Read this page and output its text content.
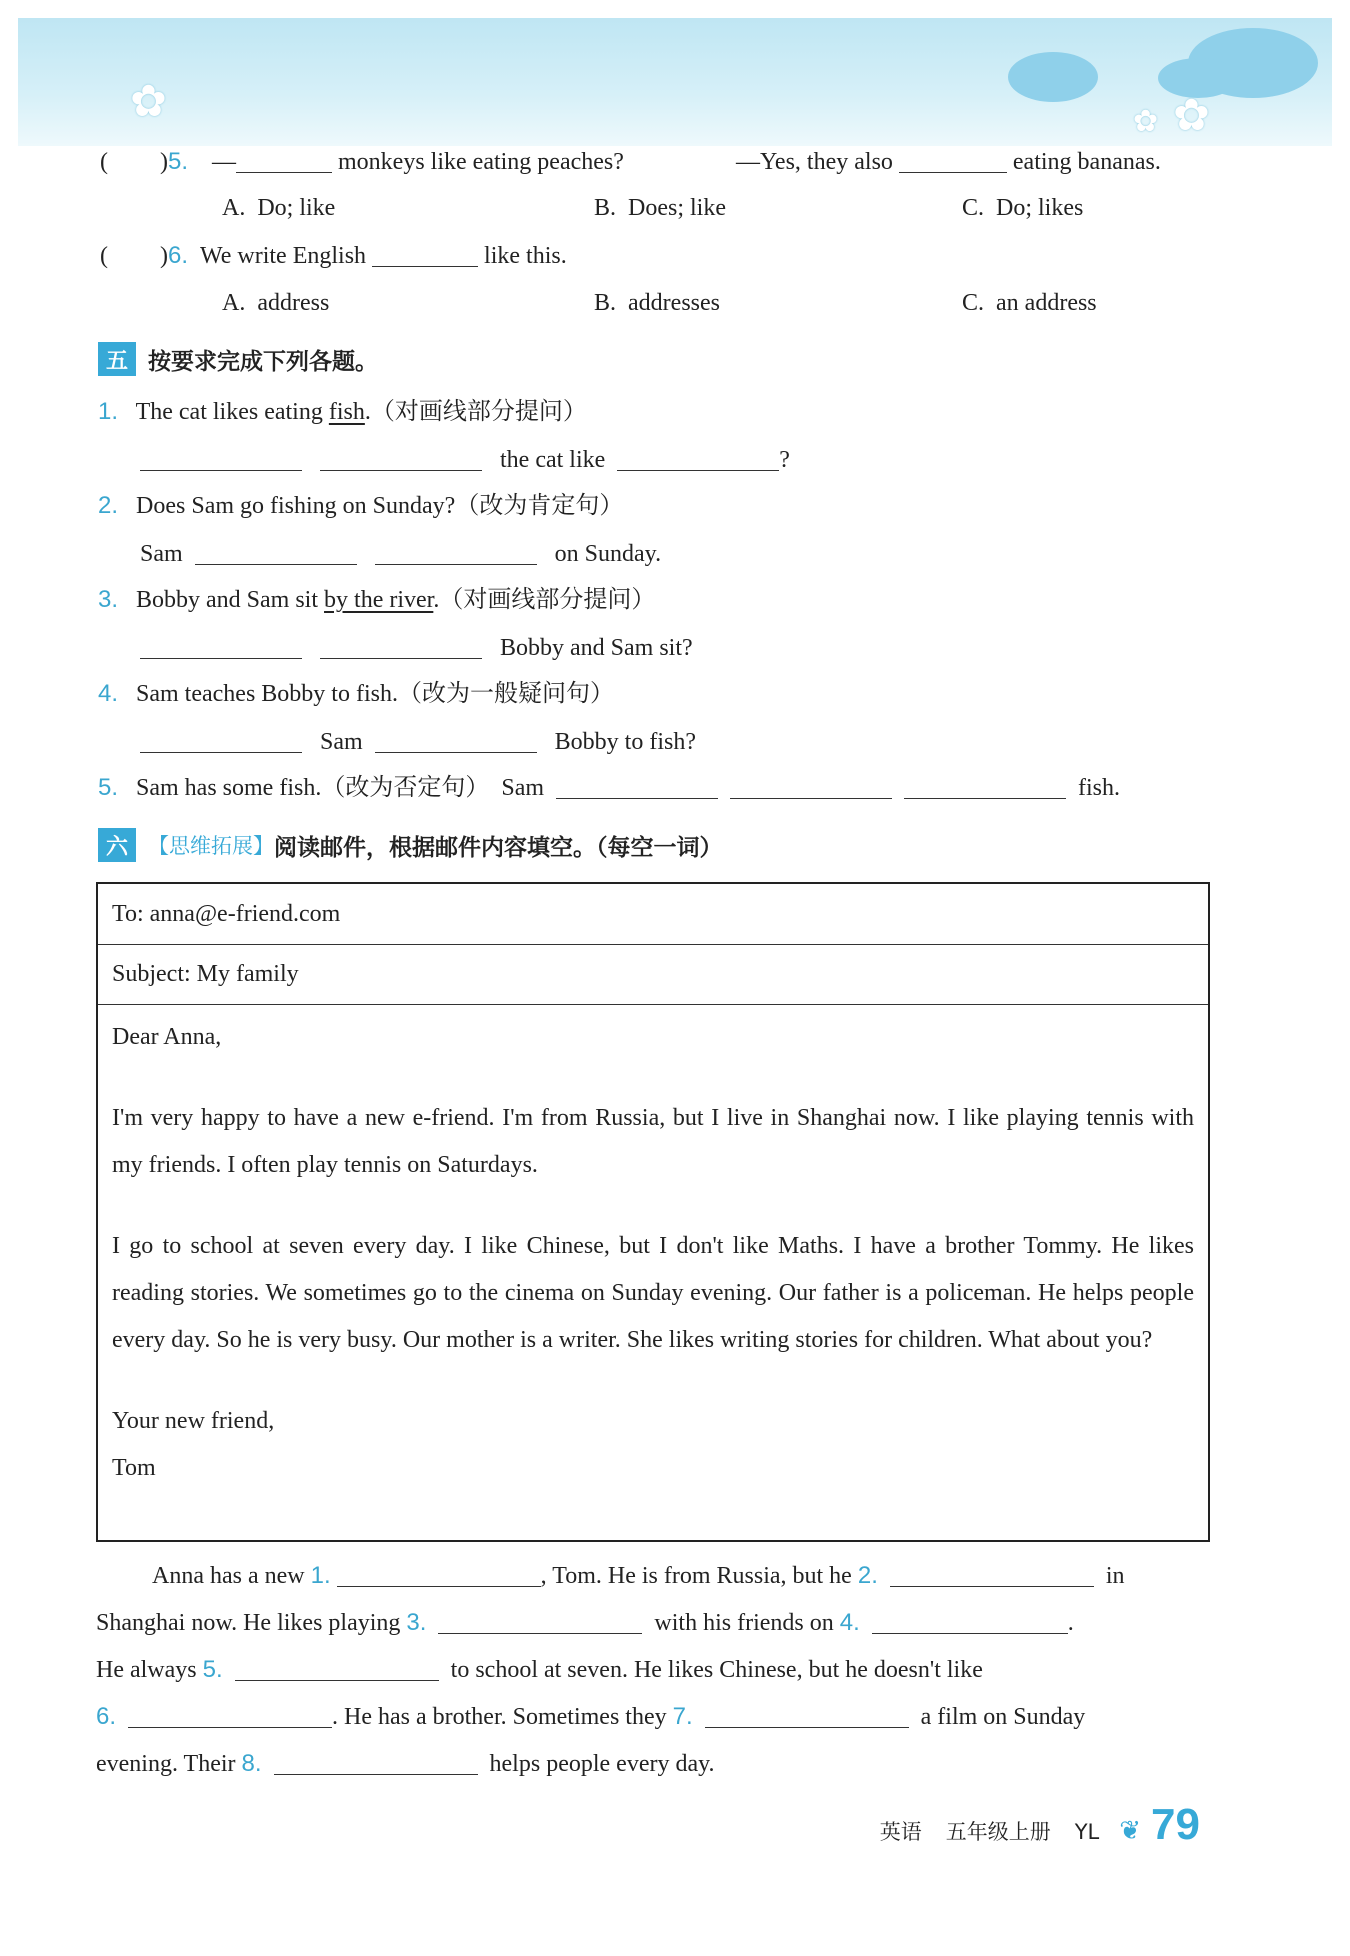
✿	✿
✿
( )5. —	monkeys like eating peaches?	—Yes, they also	eating bananas.
A. Do; like	B. Does; like	C. Do; likes
( )6. We write English	like this.
A. address	B. addresses	C. an address
五 按要求完成下列各题。
1. The cat likes eating fish.（对画线部分提问）
the cat like	?
2. Does Sam go fishing on Sunday?（改为肯定句）
Sam	on Sunday.
3. Bobby and Sam sit by the river.（对画线部分提问）
Bobby and Sam sit?
4. Sam teaches Bobby to fish.（改为一般疑问句）
Sam	Bobby to fish?
5. Sam has some fish.（改为否定句） Sam	fish.
六 【思维拓展】 阅读邮件，根据邮件内容填空。（每空一词）
To: anna@e-friend.com
Subject: My family

Dear Anna,

I'm very happy to have a new e-friend. I'm from Russia, but I live in Shanghai now. I like playing tennis with my friends. I often play tennis on Saturdays.

I go to school at seven every day. I like Chinese, but I don't like Maths. I have a brother Tommy. He likes reading stories. We sometimes go to the cinema on Sunday evening. Our father is a policeman. He helps people every day. So he is very busy. Our mother is a writer. She likes writing stories for children. What about you?

Your new friend,

Tom

Anna has a new 1.	, Tom. He is from Russia, but he 2.	in
Shanghai now. He likes playing 3.	with his friends on 4.	.
He always 5.	to school at seven. He likes Chinese, but he doesn't like
6.	. He has a brother. Sometimes they 7.	a film on Sunday
evening. Their 8.	helps people every day.
英语 五年级上册 YL ❦ 79
